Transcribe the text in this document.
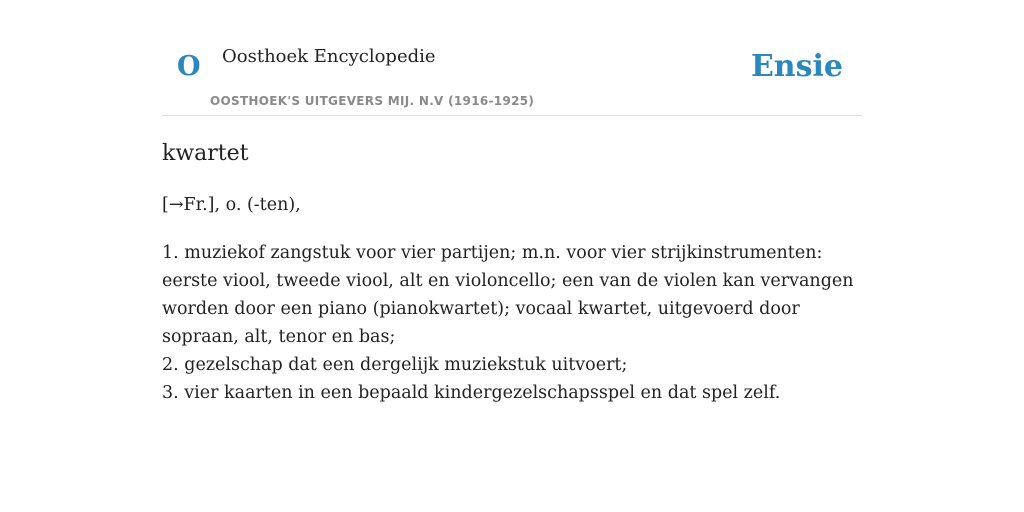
O Oosthoek Encyclopedie
OOSTHOEK'S UITGEVERS MIJ. N.V (1916-1925)
Ensie
kwartet
[→Fr.], o. (-ten),

1. muziekof zangstuk voor vier partijen; m.n. voor vier strijkinstrumenten: eerste viool, tweede viool, alt en violoncello; een van de violen kan vervangen worden door een piano (pianokwartet); vocaal kwartet, uitgevoerd door sopraan, alt, tenor en bas;

2. gezelschap dat een dergelijk muziekstuk uitvoert;

3. vier kaarten in een bepaald kindergezelschapsspel en dat spel zelf.
